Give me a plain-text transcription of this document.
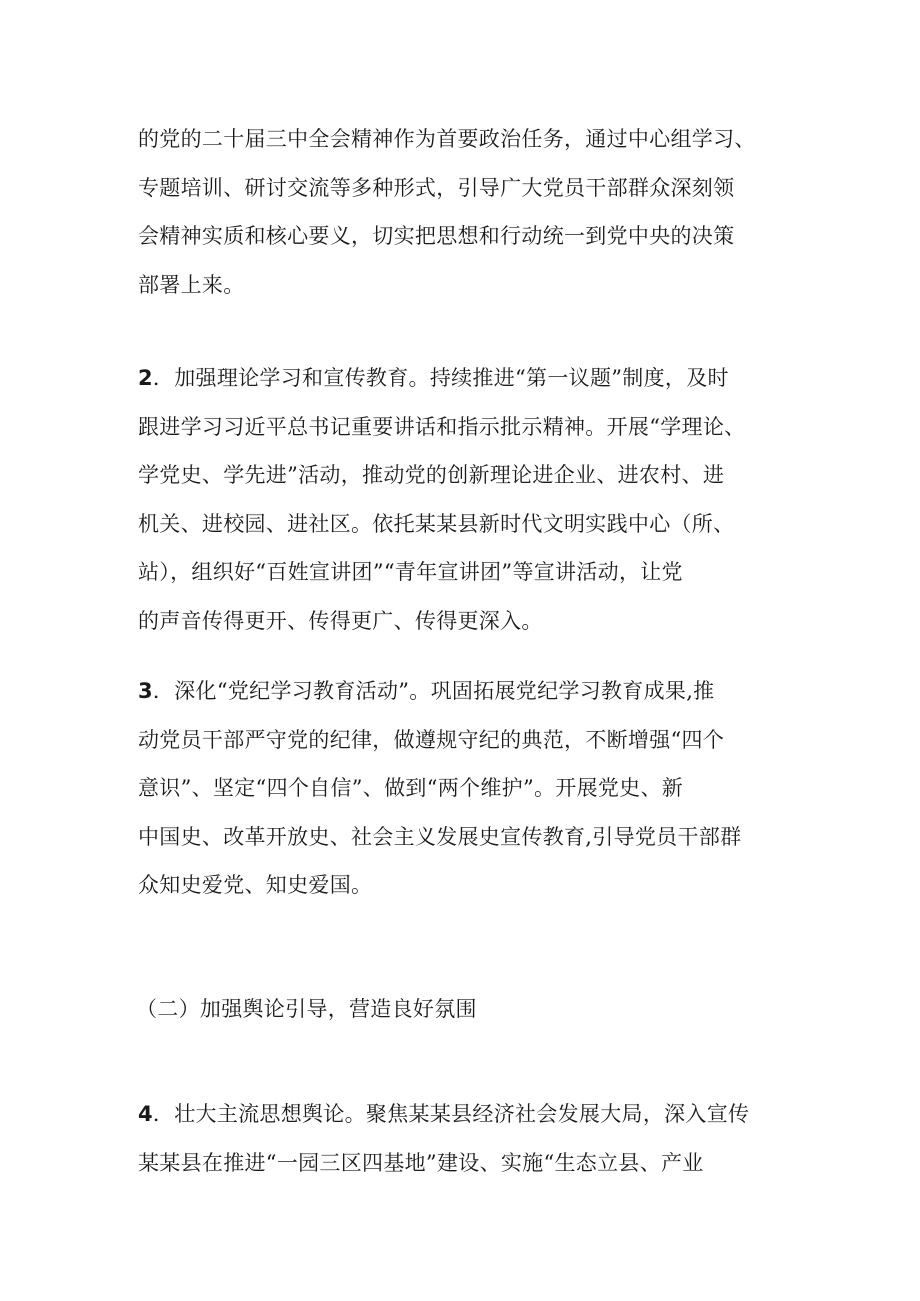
的党的二十届三中全会精神作为首要政治任务，通过中心组学习、
专题培训、研讨交流等多种形式，引导广大党员干部群众深刻领
会精神实质和核心要义，切实把思想和行动统一到党中央的决策
部署上来。
2．加强理论学习和宣传教育。持续推进“第一议题”制度，及时
跟进学习习近平总书记重要讲话和指示批示精神。开展“学理论、
学党史、学先进”活动，推动党的创新理论进企业、进农村、进
机关、进校园、进社区。依托某某县新时代文明实践中心（所、
站），组织好“百姓宣讲团”“青年宣讲团”等宣讲活动，让党
的声音传得更开、传得更广、传得更深入。
3．深化“党纪学习教育活动”。巩固拓展党纪学习教育成果,推
动党员干部严守党的纪律，做遵规守纪的典范，不断增强“四个
意识”、坚定“四个自信”、做到“两个维护”。开展党史、新
中国史、改革开放史、社会主义发展史宣传教育,引导党员干部群
众知史爱党、知史爱国。
（二）加强舆论引导，营造良好氛围
4．壮大主流思想舆论。聚焦某某县经济社会发展大局，深入宣传
某某县在推进“一园三区四基地”建设、实施“生态立县、产业
